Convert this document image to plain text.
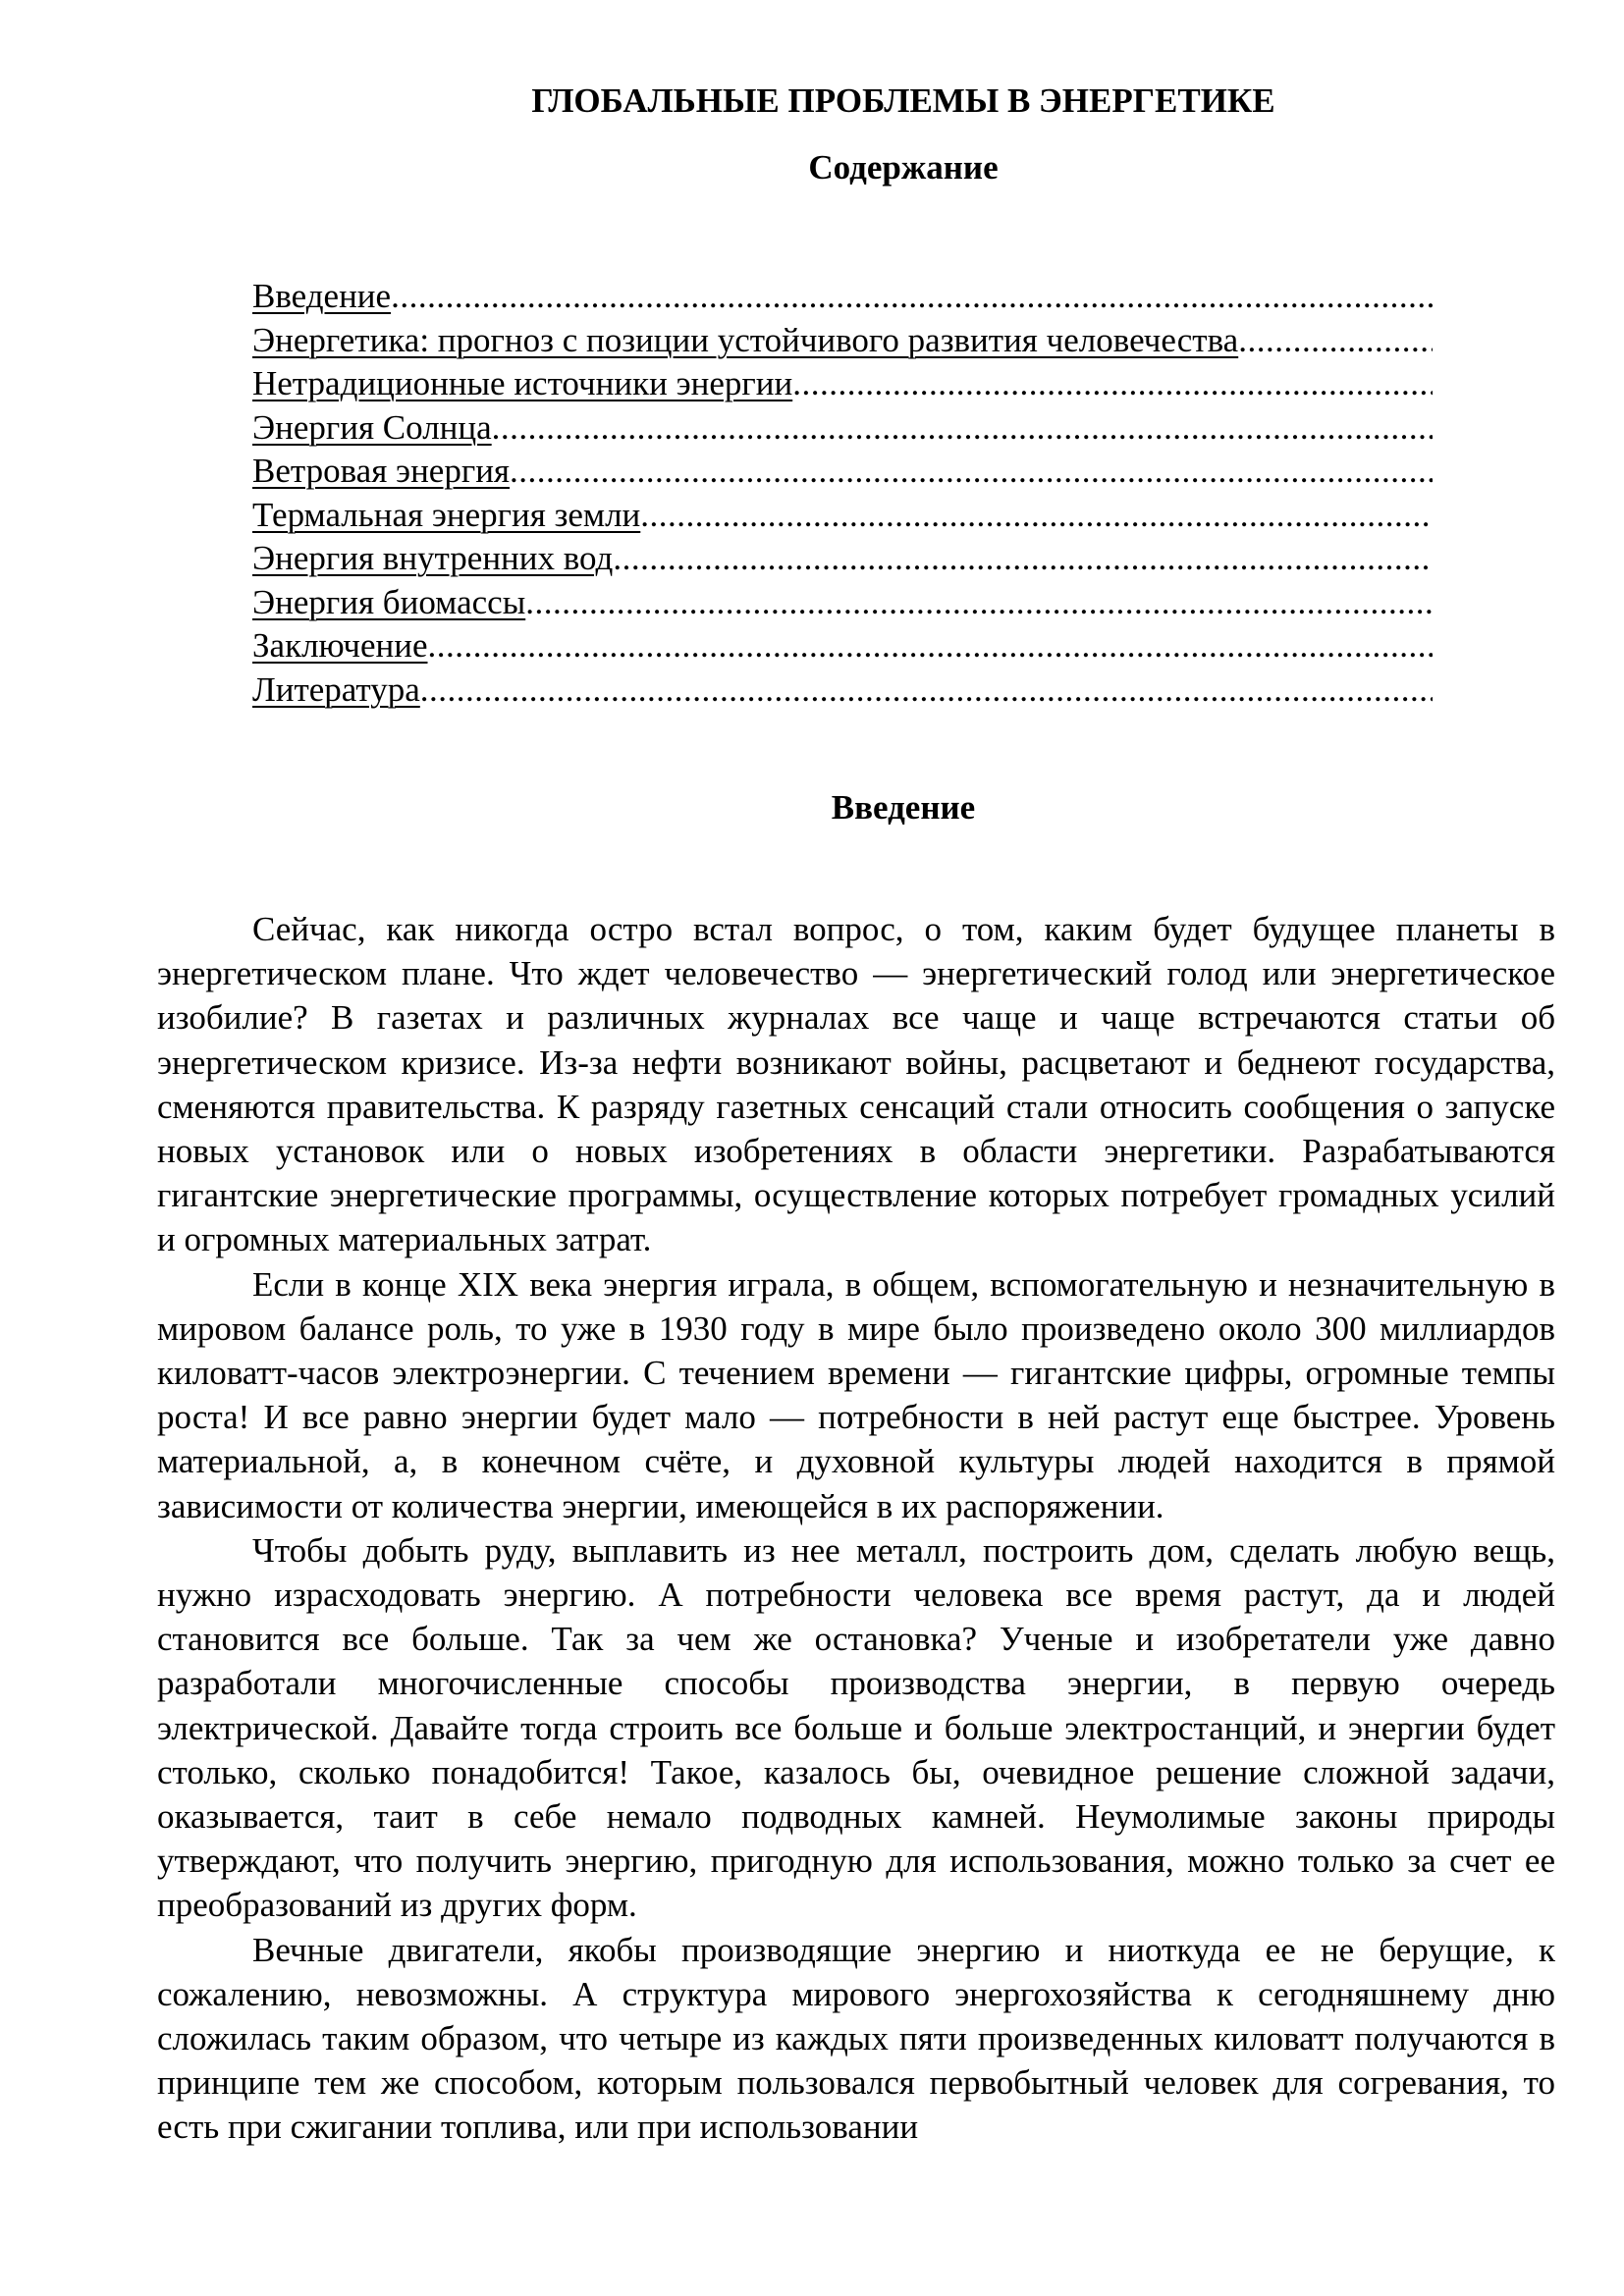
ГЛОБАЛЬНЫЕ ПРОБЛЕМЫ В ЭНЕРГЕТИКЕ
Содержание
Введение
.....
Энергетика: прогноз с позиции устойчивого развития человечества
.....
Нетрадиционные источники энергии
.....
Энергия Солнца
.....
Ветровая энергия
.....
Термальная энергия земли
.....
Энергия внутренних вод
.....
Энергия биомассы
.....
Заключение
.....
Литература
.....
Введение

Сейчас, как никогда остро встал вопрос, о том, каким будет будущее планеты в энергетическом плане. Что ждет человечество — энергетический голод или энергетическое изобилие? В газетах и различных журналах все чаще и чаще встречаются статьи об энергетическом кризисе. Из-за нефти возникают войны, расцветают и беднеют государства, сменяются правительства. К разряду газетных сенсаций стали относить сообщения о запуске новых установок или о новых изобретениях в области энергетики. Разрабатываются гигантские энергетические программы, осуществление которых потребует громадных усилий и огромных материальных затрат.

Если в конце XIX века энергия играла, в общем, вспомогательную и незначительную в мировом балансе роль, то уже в 1930 году в мире было произведено около 300 миллиардов киловатт-часов электроэнергии. С течением времени — гигантские цифры, огромные темпы роста! И все равно энергии будет мало — потребности в ней растут еще быстрее. Уровень материальной, а, в конечном счёте, и духовной культуры людей находится в прямой зависимости от количества энергии, имеющейся в их распоряжении.

Чтобы добыть руду, выплавить из нее металл, построить дом, сделать любую вещь, нужно израсходовать энергию. А потребности человека все время растут, да и людей становится все больше. Так за чем же остановка? Ученые и изобретатели уже давно разработали многочисленные способы производства энергии, в первую очередь электрической. Давайте тогда строить все больше и больше электростанций, и энергии будет столько, сколько понадобится! Такое, казалось бы, очевидное решение сложной задачи, оказывается, таит в себе немало подводных камней. Неумолимые законы природы утверждают, что получить энергию, пригодную для использования, можно только за счет ее преобразований из других форм.

Вечные двигатели, якобы производящие энергию и ниоткуда ее не берущие, к сожалению, невозможны. А структура мирового энергохозяйства к сегодняшнему дню сложилась таким образом, что четыре из каждых пяти произведенных киловатт получаются в принципе тем же способом, которым пользовался первобытный человек для согревания, то есть при сжигании топлива, или при использовании
